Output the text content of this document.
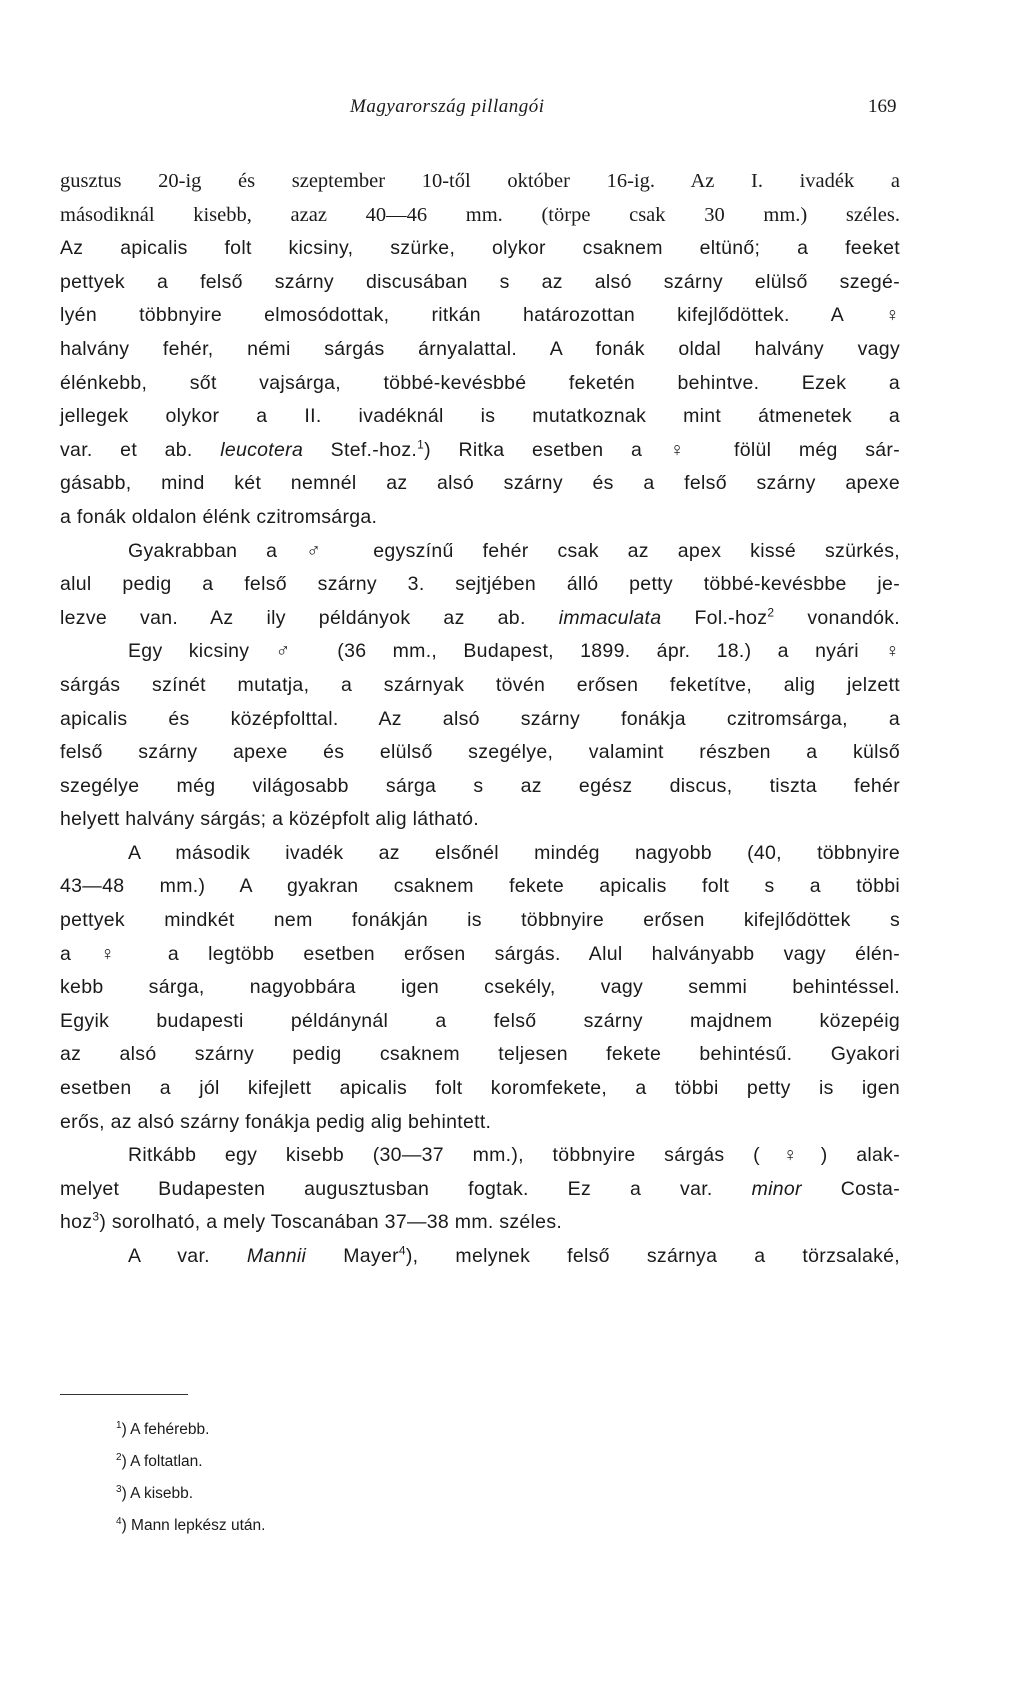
Magyarország pillangói	169
gusztus 20-ig és szeptember 10-től október 16-ig. Az I. ivadék a
másodiknál kisebb, azaz 40—46 mm. (törpe csak 30 mm.) széles.
Az apicalis folt kicsiny, szürke, olykor csaknem eltünő; a feeket
pettyek a felső szárny discusában s az alsó szárny elülső szegé-
lyén többnyire elmosódottak, ritkán határozottan kifejlődöttek. A ♀
halvány fehér, némi sárgás árnyalattal. A fonák oldal halvány vagy
élénkebb, sőt vajsárga, többé-kevésbbé feketén behintve. Ezek a
jellegek olykor a II. ivadéknál is mutatkoznak mint átmenetek a
var. et ab. leucotera Stef.-hoz.$^1$) Ritka esetben a ♀ fölül még sár-
gásabb, mind két nemnél az alsó szárny és a felső szárny apexe
a fonák oldalon élénk czitromsárga.
Gyakrabban a ♂ egyszínű fehér csak az apex kissé szürkés,
alul pedig a felső szárny 3. sejtjében álló petty többé-kevésbbe je-
lezve van. Az ily példányok az ab. immaculata Fol.-hoz$^2$ vonandók.
Egy kicsiny ♂ (36 mm., Budapest, 1899. ápr. 18.) a nyári ♀
sárgás színét mutatja, a szárnyak tövén erősen feketítve, alig jelzett
apicalis és középfolttal. Az alsó szárny fonákja czitromsárga, a
felső szárny apexe és elülső szegélye, valamint részben a külső
szegélye még világosabb sárga s az egész discus, tiszta fehér
helyett halvány sárgás; a középfolt alig látható.
A második ivadék az elsőnél mindég nagyobb (40, többnyire
43—48 mm.) A gyakran csaknem fekete apicalis folt s a többi
pettyek mindkét nem fonákján is többnyire erősen kifejlődöttek s
a ♀ a legtöbb esetben erősen sárgás. Alul halványabb vagy élén-
kebb sárga, nagyobbára igen csekély, vagy semmi behintéssel.
Egyik budapesti példánynál a felső szárny majdnem közepéig
az alsó szárny pedig csaknem teljesen fekete behintésű. Gyakori
esetben a jól kifejlett apicalis folt koromfekete, a többi petty is igen
erős, az alsó szárny fonákja pedig alig behintett.
Ritkább egy kisebb (30—37 mm.), többnyire sárgás (♀) alak-
melyet Budapesten augusztusban fogtak. Ez a var. minor Costa-
hoz$^3$) sorolható, a mely Toscanában 37—38 mm. széles.
A var. Mannii Mayer$^4$), melynek felső szárnya a törzsalaké,
$^1$) A fehérebb.
$^2$) A foltatlan.
$^3$) A kisebb.
$^4$) Mann lepkész után.
